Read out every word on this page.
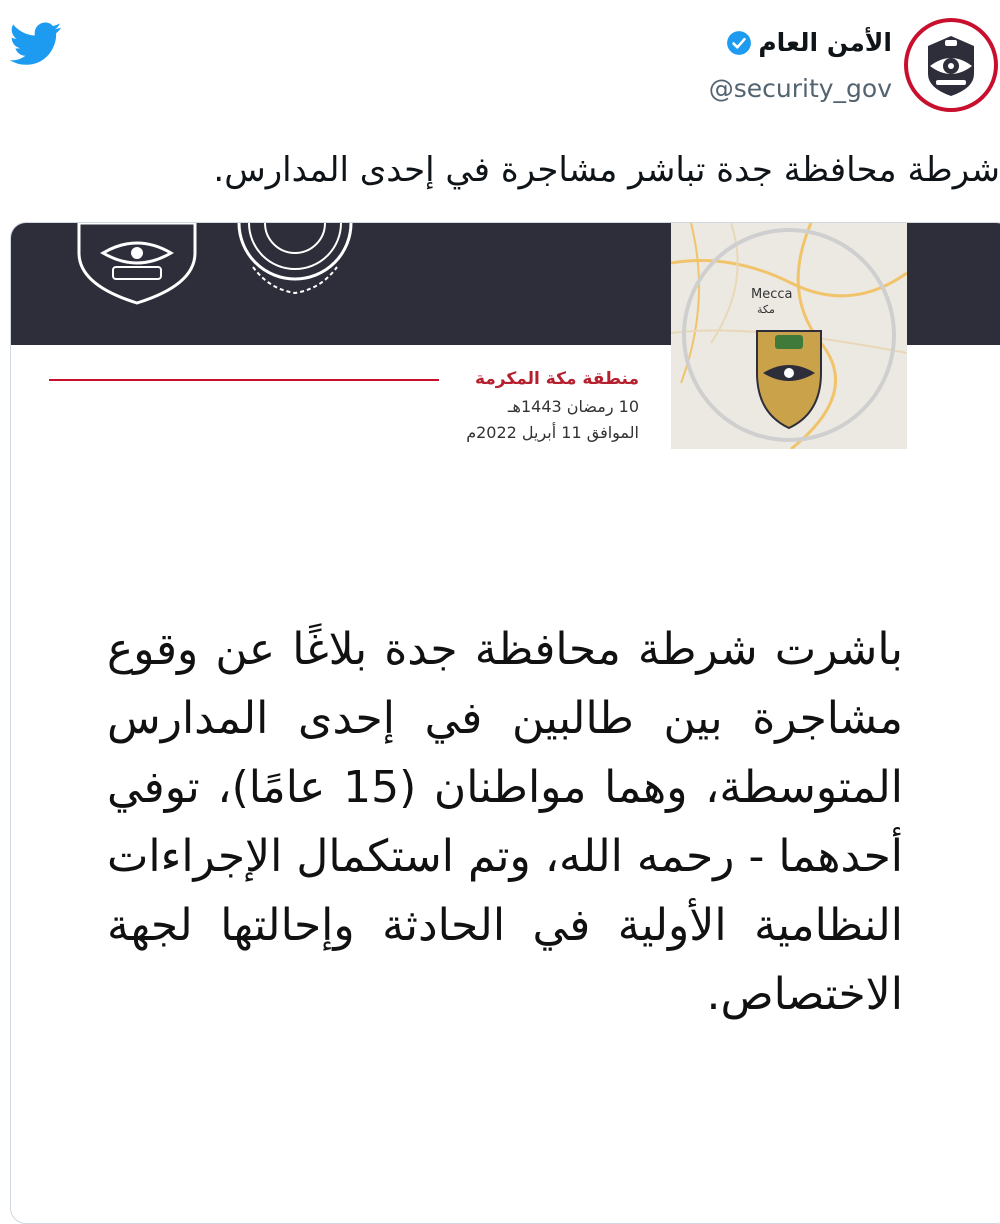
الأمن العام
@security_gov
شرطة محافظة جدة تباشر مشاجرة في إحدى المدارس.
Mecca
مكة
منطقة مكة المكرمة
10 رمضان 1443هـ
الموافق 11 أبريل 2022م
باشرت شرطة محافظة جدة بلاغًا عن وقوع مشاجرة بين طالبين في إحدى المدارس المتوسطة، وهما مواطنان (15 عامًا)، توفي أحدهما - رحمه الله، وتم استكمال الإجراءات النظامية الأولية في الحادثة وإحالتها لجهة الاختصاص.
